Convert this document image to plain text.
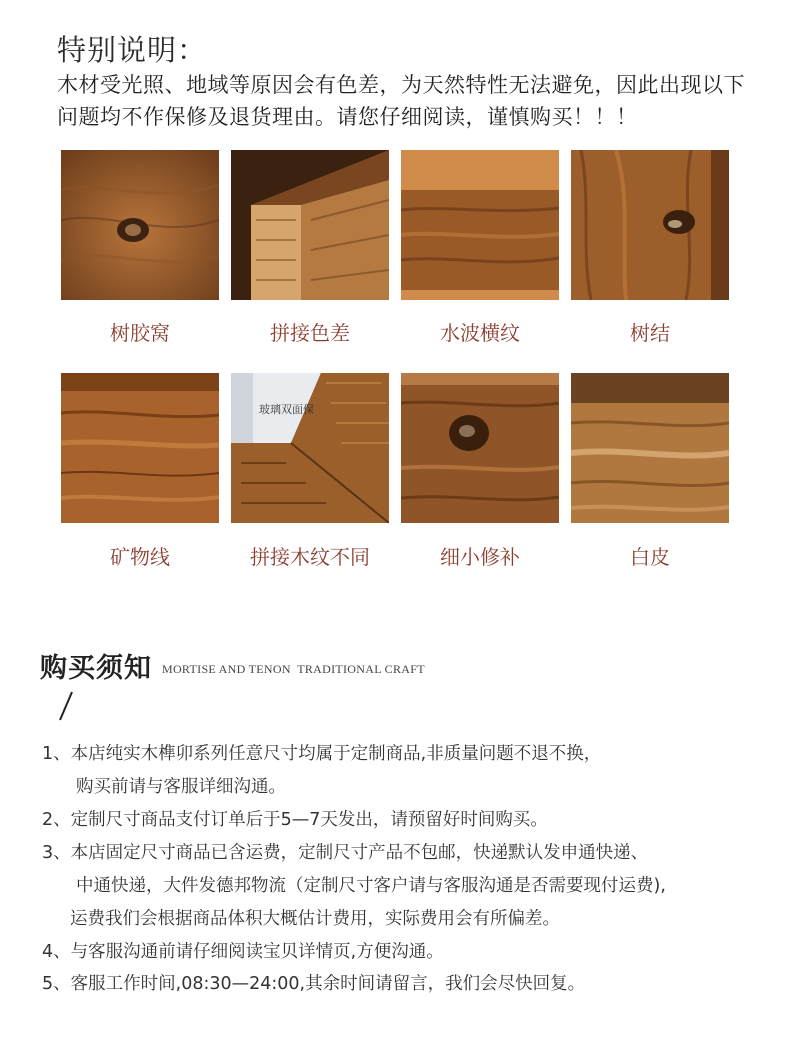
特别说明：
木材受光照、地域等原因会有色差，为天然特性无法避免，因此出现以下
问题均不作保修及退货理由。请您仔细阅读，谨慎购买！！！
树胶窝	拼接色差	水波横纹	树结
玻璃双面保
矿物线	拼接木纹不同	细小修补	白皮
购买须知 MORTISE AND TENON  TRADITIONAL CRAFT
1、本店纯实木榫卯系列任意尺寸均属于定制商品,非质量问题不退不换，
购买前请与客服详细沟通。
2、定制尺寸商品支付订单后于5—7天发出，请预留好时间购买。
3、本店固定尺寸商品已含运费，定制尺寸产品不包邮，快递默认发申通快递、
中通快递，大件发德邦物流（定制尺寸客户请与客服沟通是否需要现付运费),
运费我们会根据商品体积大概估计费用，实际费用会有所偏差。
4、与客服沟通前请仔细阅读宝贝详情页,方便沟通。
5、客服工作时间,08:30—24:00,其余时间请留言，我们会尽快回复。
